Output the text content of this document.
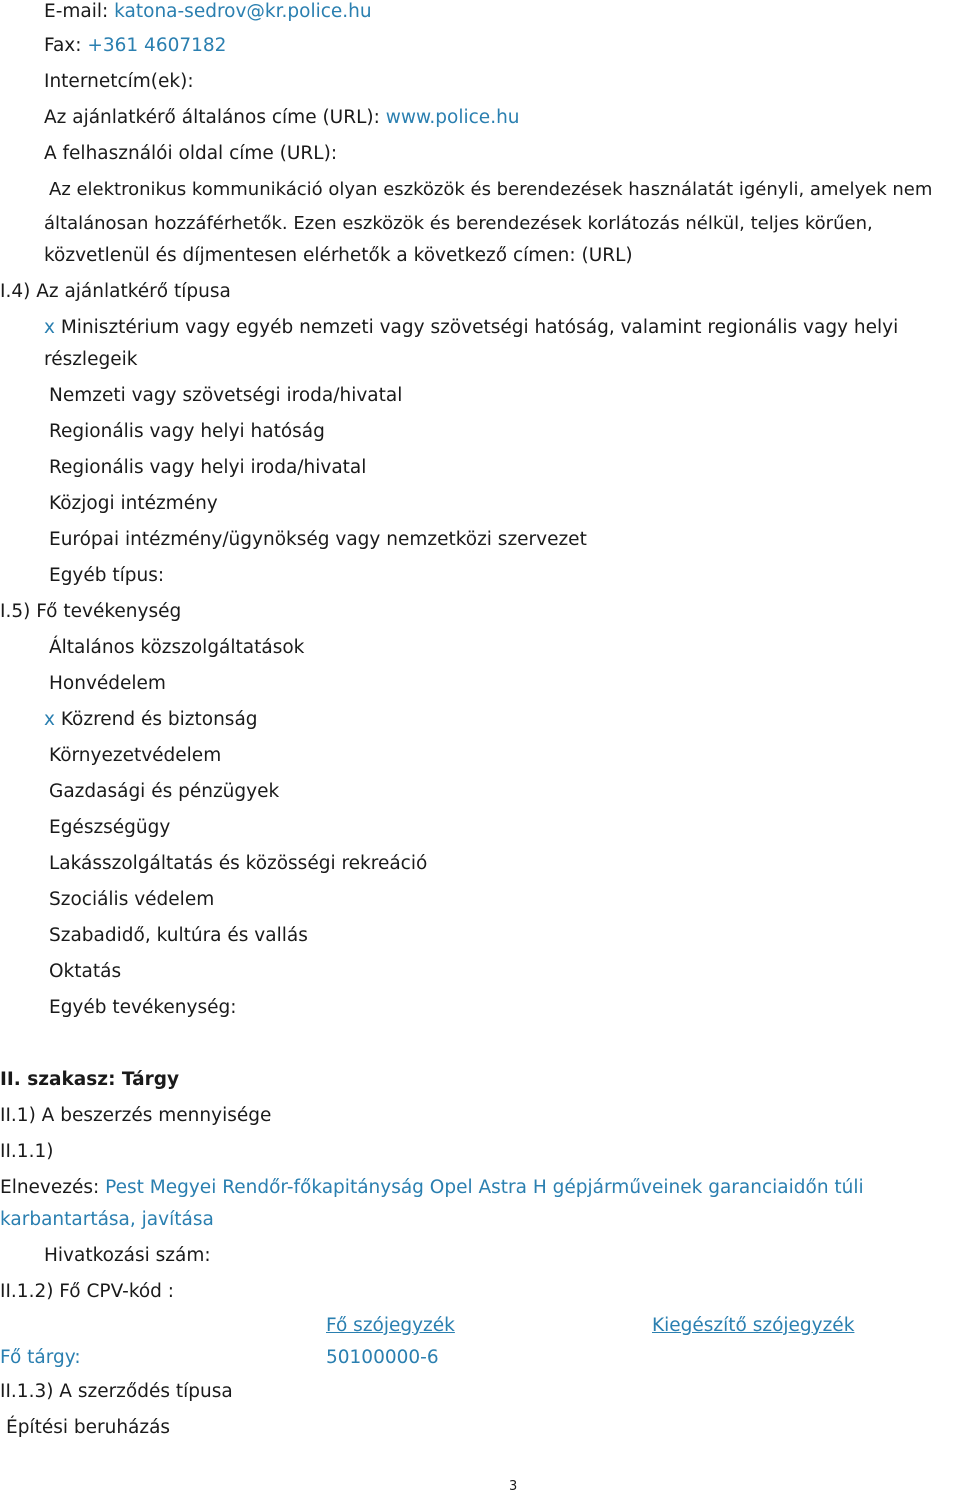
E-mail: katona-sedrov@kr.police.hu
Fax: +361 4607182
Internetcím(ek):
Az ajánlatkérő általános címe (URL): www.police.hu
A felhasználói oldal címe (URL):
Az elektronikus kommunikáció olyan eszközök és berendezések használatát igényli, amelyek nem
általánosan hozzáférhetők. Ezen eszközök és berendezések korlátozás nélkül, teljes körűen,
közvetlenül és díjmentesen elérhetők a következő címen: (URL)
I.4) Az ajánlatkérő típusa
x Minisztérium vagy egyéb nemzeti vagy szövetségi hatóság, valamint regionális vagy helyi
részlegeik
Nemzeti vagy szövetségi iroda/hivatal
Regionális vagy helyi hatóság
Regionális vagy helyi iroda/hivatal
Közjogi intézmény
Európai intézmény/ügynökség vagy nemzetközi szervezet
Egyéb típus:
I.5) Fő tevékenység
Általános közszolgáltatások
Honvédelem
x Közrend és biztonság
Környezetvédelem
Gazdasági és pénzügyek
Egészségügy
Lakásszolgáltatás és közösségi rekreáció
Szociális védelem
Szabadidő, kultúra és vallás
Oktatás
Egyéb tevékenység:
II. szakasz: Tárgy
II.1) A beszerzés mennyisége
II.1.1)
Elnevezés: Pest Megyei Rendőr-főkapitányság Opel Astra H gépjárműveinek garanciaidőn túli
karbantartása, javítása
Hivatkozási szám:
II.1.2) Fő CPV-kód :
Fő szójegyzék	Kiegészítő szójegyzék
Fő tárgy:	50100000-6
II.1.3) A szerződés típusa
Építési beruházás
3
